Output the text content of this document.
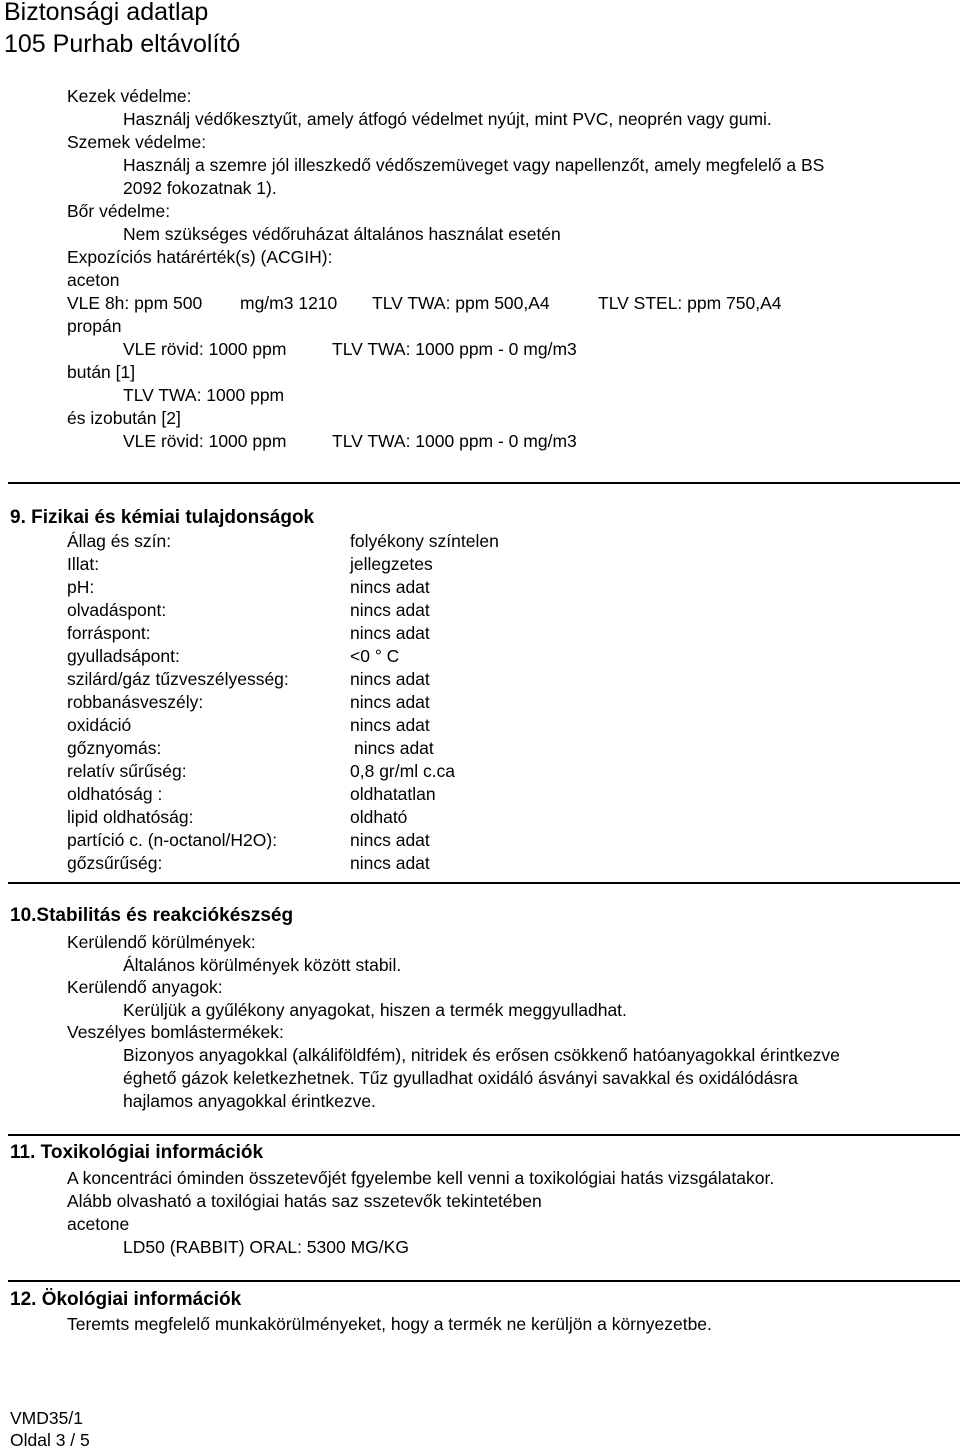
Biztonsági adatlap
105 Purhab eltávolító
Kezek védelme:
Használj védőkesztyűt, amely átfogó védelmet nyújt, mint PVC, neoprén vagy gumi.
Szemek védelme:
Használj a szemre jól illeszkedő védőszemüveget vagy napellenzőt, amely megfelelő a BS
2092 fokozatnak 1).
Bőr védelme:
Nem szükséges védőruházat általános használat esetén
Expozíciós határérték(s) (ACGIH):
aceton
VLE 8h: ppm 500 mg/m3 1210 TLV TWA: ppm 500,A4	TLV STEL: ppm 750,A4
propán
VLE rövid: 1000 ppm	TLV TWA: 1000 ppm - 0 mg/m3
bután [1]
TLV TWA: 1000 ppm
és izobután [2]
VLE rövid: 1000 ppm	TLV TWA: 1000 ppm - 0 mg/m3
9. Fizikai és kémiai tulajdonságok
Állag és szín:	folyékony színtelen
Illat:	jellegzetes
pH:	nincs adat
olvadáspont:	nincs adat
forráspont:	nincs adat
gyulladsápont:	<0 ° C
szilárd/gáz tűzveszélyesség:	nincs adat
robbanásveszély:	nincs adat
oxidáció	nincs adat
gőznyomás:	nincs adat
relatív sűrűség:	0,8 gr/ml c.ca
oldhatóság :	oldhatatlan
lipid oldhatóság:	oldható
partíció c. (n-octanol/H2O):	nincs adat
gőzsűrűség:	nincs adat
10.Stabilitás és reakciókészség
Kerülendő körülmények:
Általános körülmények között stabil.
Kerülendő anyagok:
Kerüljük a gyűlékony anyagokat, hiszen a termék meggyulladhat.
Veszélyes bomlástermékek:
Bizonyos anyagokkal (alkáliföldfém), nitridek és erősen csökkenő hatóanyagokkal érintkezve
éghető gázok keletkezhetnek. Tűz gyulladhat oxidáló ásványi savakkal és oxidálódásra
hajlamos anyagokkal érintkezve.
11. Toxikológiai információk
A koncentráci óminden összetevőjét fgyelembe kell venni a toxikológiai hatás vizsgálatakor.
Alább olvasható a toxilógiai hatás saz sszetevők tekintetében
acetone
LD50 (RABBIT) ORAL: 5300 MG/KG
12. Ökológiai információk
Teremts megfelelő munkakörülményeket, hogy a termék ne kerüljön a környezetbe.
VMD35/1
Oldal 3 / 5
